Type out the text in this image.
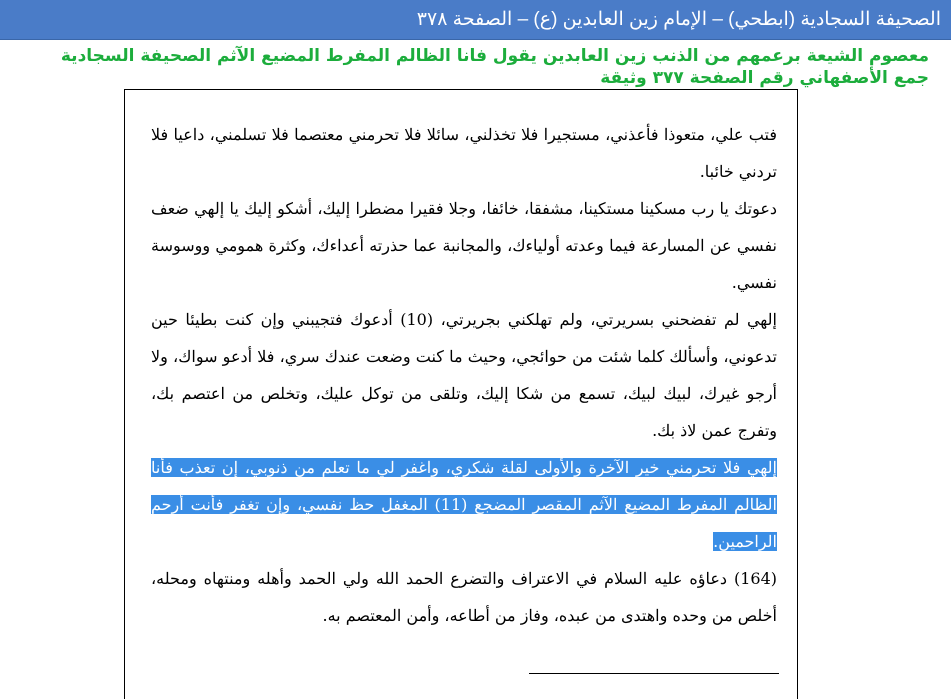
الصحيفة السجادية (ابطحي) – الإمام زين العابدين (ع) – الصفحة ٣٧٨
معصوم الشيعة برعمهم من الذنب زين العابدين يقول فانا الظالم المفرط المضيع الآثم الصحيفة السجادية
جمع الأصفهاني رقم الصفحة ٣٧٧ وثيقة

فتب علي، متعوذا فأعذني، مستجيرا فلا تخذلني، سائلا فلا تحرمني معتصما فلا تسلمني، داعيا فلا تردني خائبا.

دعوتك يا رب مسكينا مستكينا، مشفقا، خائفا، وجلا فقيرا مضطرا إليك، أشكو إليك يا إلهي ضعف نفسي عن المسارعة فيما وعدته أولياءك، والمجانبة عما حذرته أعداءك، وكثرة همومي ووسوسة نفسي.

إلهي لم تفضحني بسريرتي، ولم تهلكني بجريرتي، (10) أدعوك فتجيبني وإن كنت بطيئا حين تدعوني، وأسألك كلما شئت من حوائجي، وحيث ما كنت وضعت عندك سري، فلا أدعو سواك، ولا أرجو غيرك، لبيك لبيك، تسمع من شكا إليك، وتلقى من توكل عليك، وتخلص من اعتصم بك، وتفرج عمن لاذ بك.

إلهي فلا تحرمني خير الآخرة والأولى لقلة شكري، واغفر لي ما تعلم من ذنوبي، إن تعذب فأنا الظالم المفرط المضيع الآثم المقصر المضجع (11) المغفل حظ نفسي، وإن تغفر فأنت أرحم الراحمين.

(164) دعاؤه عليه السلام في الاعتراف والتضرع الحمد الله ولي الحمد وأهله ومنتهاه ومحله، أخلص من وحده واهتدى من عبده، وفاز من أطاعه، وأمن المعتصم به.
